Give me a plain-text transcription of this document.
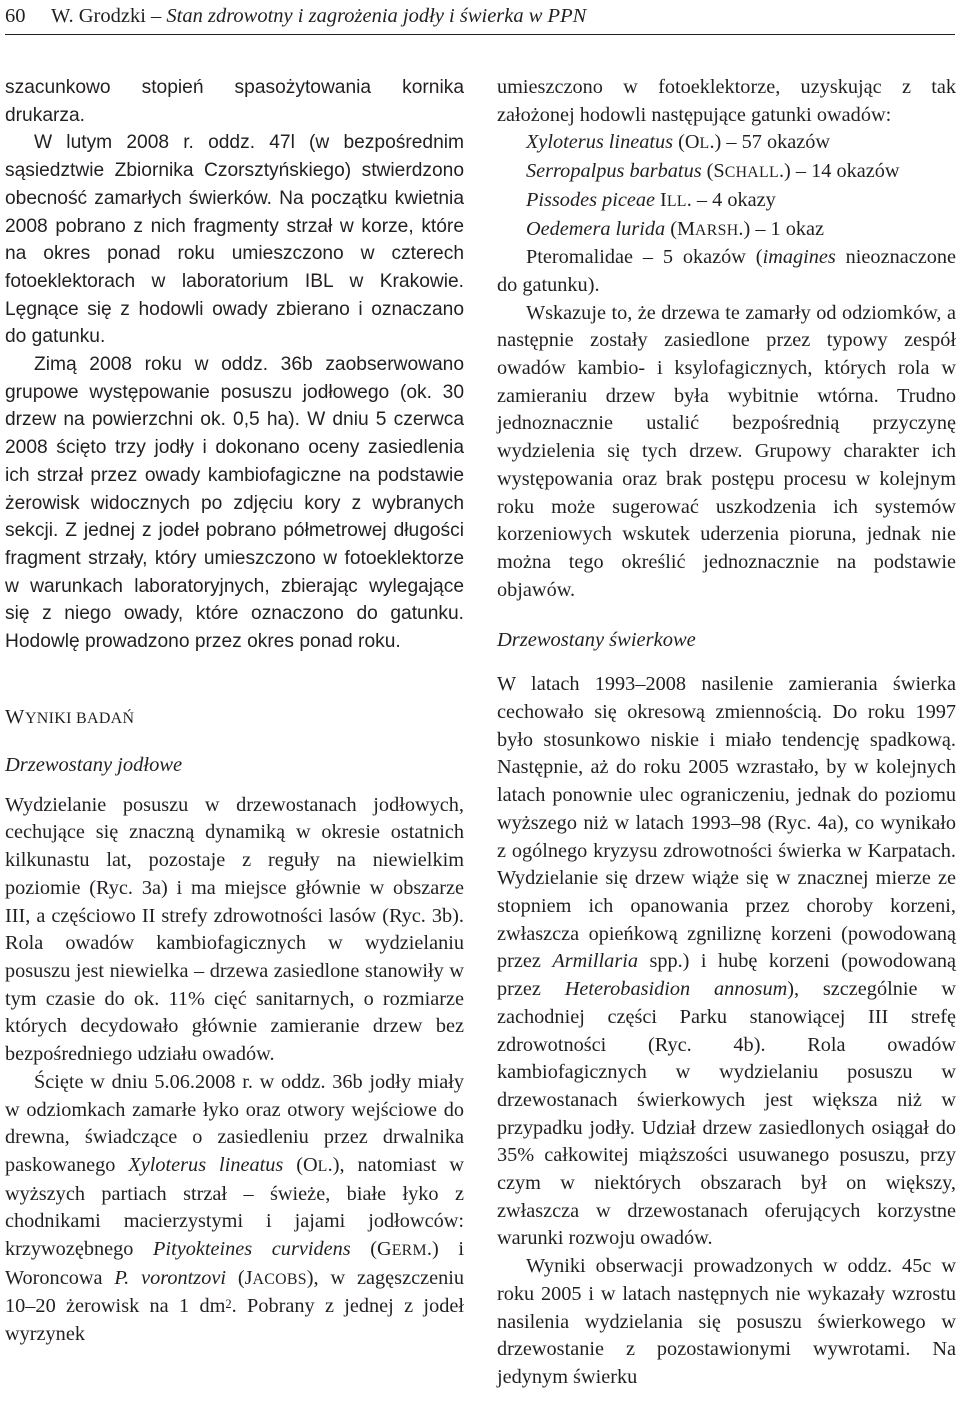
60 W. Grodzki – Stan zdrowotny i zagrożenia jodły i świerka w PPN

szacunkowo stopień spasożytowania kornika drukarza.

W lutym 2008 r. oddz. 47l (w bezpośrednim sąsiedztwie Zbiornika Czorsztyńskiego) stwierdzono obecność zamarłych świerków. Na początku kwietnia 2008 pobrano z nich fragmenty strzał w korze, które na okres ponad roku umieszczono w czterech fotoeklektorach w laboratorium IBL w Krakowie. Lęgnące się z hodowli owady zbierano i oznaczano do gatunku.

Zimą 2008 roku w oddz. 36b zaobserwowano grupowe występowanie posuszu jodłowego (ok. 30 drzew na powierzchni ok. 0,5 ha). W dniu 5 czerwca 2008 ścięto trzy jodły i dokonano oceny zasiedlenia ich strzał przez owady kambiofagiczne na podstawie żerowisk widocznych po zdjęciu kory z wybranych sekcji. Z jednej z jodeł pobrano półmetrowej długości fragment strzały, który umieszczono w fotoeklektorze w warunkach laboratoryjnych, zbierając wylegające się z niego owady, które oznaczono do gatunku. Hodowlę prowadzono przez okres ponad roku.

WYNIKI BADAŃ
Drzewostany jodłowe

Wydzielanie posuszu w drzewostanach jodłowych, cechujące się znaczną dynamiką w okresie ostatnich kilkunastu lat, pozostaje z reguły na niewielkim poziomie (Ryc. 3a) i ma miejsce głównie w obszarze III, a częściowo II strefy zdrowotności lasów (Ryc. 3b). Rola owadów kambiofagicznych w wydzielaniu posuszu jest niewielka – drzewa zasiedlone stanowiły w tym czasie do ok. 11% cięć sanitarnych, o rozmiarze których decydowało głównie zamieranie drzew bez bezpośredniego udziału owadów.

Ścięte w dniu 5.06.2008 r. w oddz. 36b jodły miały w odziomkach zamarłe łyko oraz otwory wejściowe do drewna, świadczące o zasiedleniu przez drwalnika paskowanego Xyloterus lineatus (OL.), natomiast w wyższych partiach strzał – świeże, białe łyko z chodnikami macierzystymi i jajami jodłowców: krzywozębnego Pityokteines curvidens (GERM.) i Woroncowa P. vorontzovi (JACOBS), w zagęszczeniu 10–20 żerowisk na 1 $dm^2$. Pobrany z jednej z jodeł wyrzynek

umieszczono w fotoeklektorze, uzyskując z tak założonej hodowli następujące gatunki owadów:

Xyloterus lineatus (OL.) – 57 okazów

Serropalpus barbatus (SCHALL.) – 14 okazów

Pissodes piceae ILL. – 4 okazy

Oedemera lurida (MARSH.) – 1 okaz

Pteromalidae – 5 okazów (imagines nieoznaczone do gatunku).

Wskazuje to, że drzewa te zamarły od odziomków, a następnie zostały zasiedlone przez typowy zespół owadów kambio- i ksylofagicznych, których rola w zamieraniu drzew była wybitnie wtórna. Trudno jednoznacznie ustalić bezpośrednią przyczynę wydzielenia się tych drzew. Grupowy charakter ich występowania oraz brak postępu procesu w kolejnym roku może sugerować uszkodzenia ich systemów korzeniowych wskutek uderzenia pioruna, jednak nie można tego określić jednoznacznie na podstawie objawów.

Drzewostany świerkowe

W latach 1993–2008 nasilenie zamierania świerka cechowało się okresową zmiennością. Do roku 1997 było stosunkowo niskie i miało tendencję spadkową. Następnie, aż do roku 2005 wzrastało, by w kolejnych latach ponownie ulec ograniczeniu, jednak do poziomu wyższego niż w latach 1993–98 (Ryc. 4a), co wynikało z ogólnego kryzysu zdrowotności świerka w Karpatach. Wydzielanie się drzew wiąże się w znacznej mierze ze stopniem ich opanowania przez choroby korzeni, zwłaszcza opieńkową zgniliznę korzeni (powodowaną przez Armillaria spp.) i hubę korzeni (powodowaną przez Heterobasidion annosum), szczególnie w zachodniej części Parku stanowiącej III strefę zdrowotności (Ryc. 4b). Rola owadów kambiofagicznych w wydzielaniu posuszu w drzewostanach świerkowych jest większa niż w przypadku jodły. Udział drzew zasiedlonych osiągał do 35% całkowitej miąższości usuwanego posuszu, przy czym w niektórych obszarach był on większy, zwłaszcza w drzewostanach oferujących korzystne warunki rozwoju owadów.

Wyniki obserwacji prowadzonych w oddz. 45c w roku 2005 i w latach następnych nie wykazały wzrostu nasilenia wydzielania się posuszu świerkowego w drzewostanie z pozostawionymi wywrotami. Na jedynym świerku
